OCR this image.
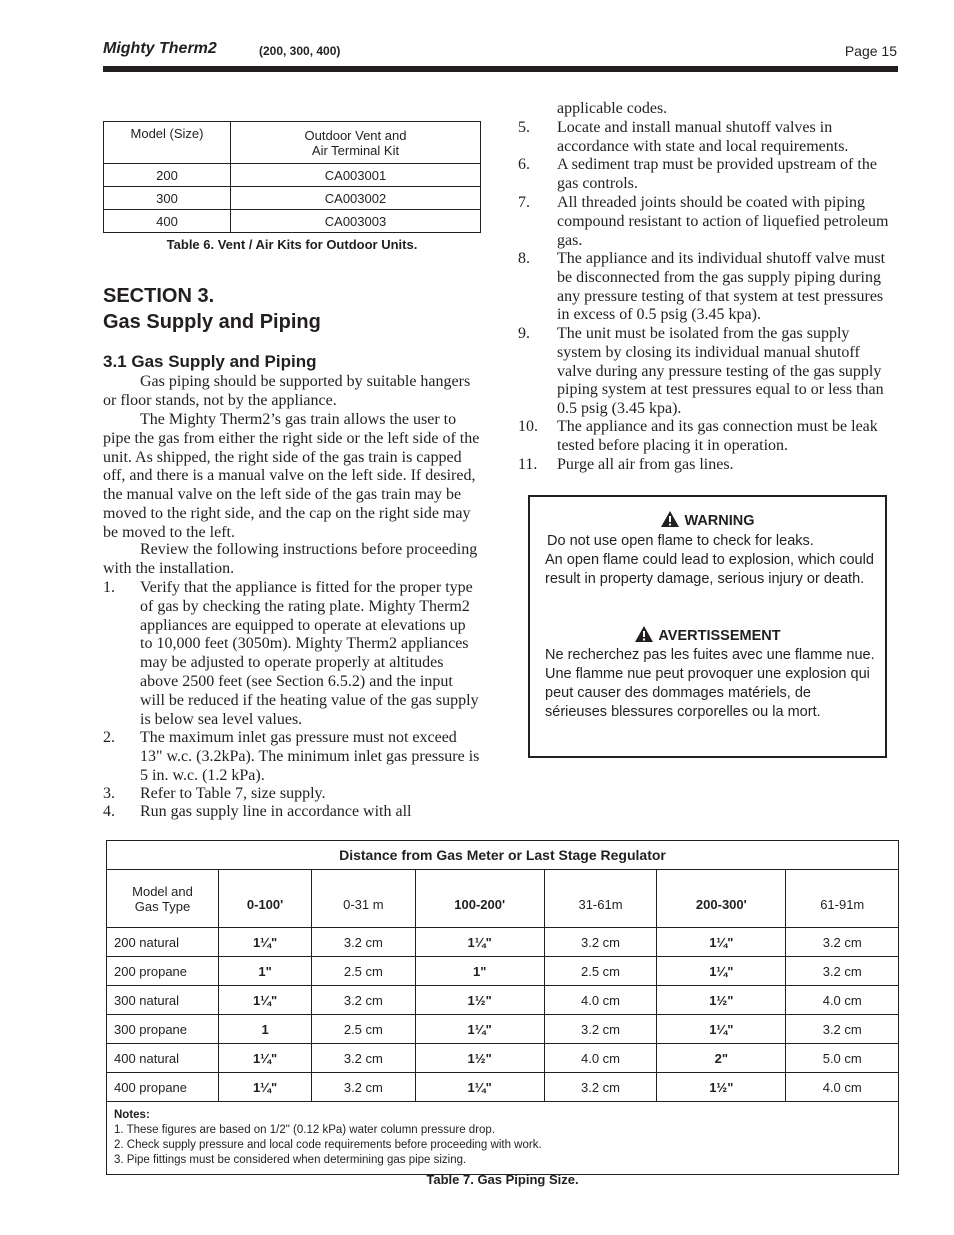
Mighty Therm2	(200, 300, 400)	Page 15
Model (Size)	Outdoor Vent and
Air Terminal Kit

200	CA003001
300	CA003002
400	CA003003
Table 6. Vent / Air Kits for Outdoor Units.
SECTION 3.
Gas Supply and Piping
3.1 Gas Supply and Piping

Gas piping should be supported by suitable hangers or floor stands, not by the appliance.

The Mighty Therm2’s gas train allows the user to pipe the gas from either the right side or the left side of the unit. As shipped, the right side of the gas train is capped off, and there is a manual valve on the left side. If desired, the manual valve on the left side of the gas train may be moved to the right side, and the cap on the right side may be moved to the left.

Review the following instructions before proceeding with the installation.

1. Verify that the appliance is fitted for the proper type of gas by checking the rating plate. Mighty Therm2 appliances are equipped to operate at elevations up to 10,000 feet (3050m). Mighty Therm2 appliances may be adjusted to operate properly at altitudes above 2500 feet (see Section 6.5.2) and the input will be reduced if the heating value of the gas supply is below sea level values.
2. The maximum inlet gas pressure must not exceed 13" w.c. (3.2kPa). The minimum inlet gas pressure is 5 in. w.c. (1.2 kPa).
3. Refer to Table 7, size supply.
4. Run gas supply line in accordance with all
applicable codes.
5. Locate and install manual shutoff valves in accordance with state and local requirements.
6. A sediment trap must be provided upstream of the gas controls.
7. All threaded joints should be coated with piping compound resistant to action of liquefied petroleum gas.
8. The appliance and its individual shutoff valve must be disconnected from the gas supply piping during any pressure testing of that system at test pressures in excess of 0.5 psig (3.45 kpa).
9. The unit must be isolated from the gas supply system by closing its individual manual shutoff valve during any pressure testing of the gas supply piping system at test pressures equal to or less than 0.5 psig (3.45 kpa).
10. The appliance and its gas connection must be leak tested before placing it in operation.
11. Purge all air from gas lines.
WARNING

Do not use open flame to check for leaks.

An open flame could lead to explosion, which could result in property damage, serious injury or death.

AVERTISSEMENT

Ne recherchez pas les fuites avec une flamme nue. Une flamme nue peut provoquer une explosion qui peut causer des dommages matériels, de sérieuses blessures corporelles ou la mort.

Distance from Gas Meter or Last Stage Regulator						

Model and
Gas Type	0-100'	0-31 m	100-200'	31-61m	200-300'	61-91m
200 natural	1¼"	3.2 cm	1¼"	3.2 cm	1¼"	3.2 cm
200 propane	1"	2.5 cm	1"	2.5 cm	1¼"	3.2 cm
300 natural	1¼"	3.2 cm	1½"	4.0 cm	1½"	4.0 cm
300 propane	1	2.5 cm	1¼"	3.2 cm	1¼"	3.2 cm
400 natural	1¼"	3.2 cm	1½"	4.0 cm	2"	5.0 cm
400 propane	1¼"	3.2 cm	1¼"	3.2 cm	1½"	4.0 cm

Notes:
1. These figures are based on 1/2" (0.12 kPa) water column pressure drop.
2. Check supply pressure and local code requirements before proceeding with work.
3. Pipe fittings must be considered when determining gas pipe sizing.						
Table 7. Gas Piping Size.
